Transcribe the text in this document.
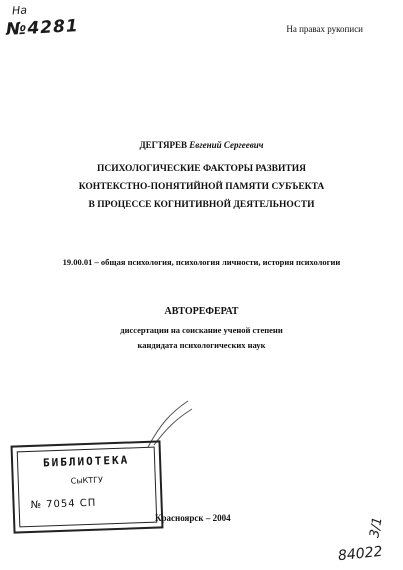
На
№4281	На правах рукописи
ДЕГТЯРЕВ Евгений Сергеевич
ПСИХОЛОГИЧЕСКИЕ ФАКТОРЫ РАЗВИТИЯ
КОНТЕКСТНО-ПОНЯТИЙНОЙ ПАМЯТИ СУБЪЕКТА
В ПРОЦЕССЕ КОГНИТИВНОЙ ДЕЯТЕЛЬНОСТИ
19.00.01 – общая психология, психология личности, история психологии
АВТОРЕФЕРАТ
диссертации на соискание ученой степени
кандидата психологических наук
БИБЛИОТЕКА
СыКТГУ
№ 7054 СП
Красноярск – 2004	3/1
84022
